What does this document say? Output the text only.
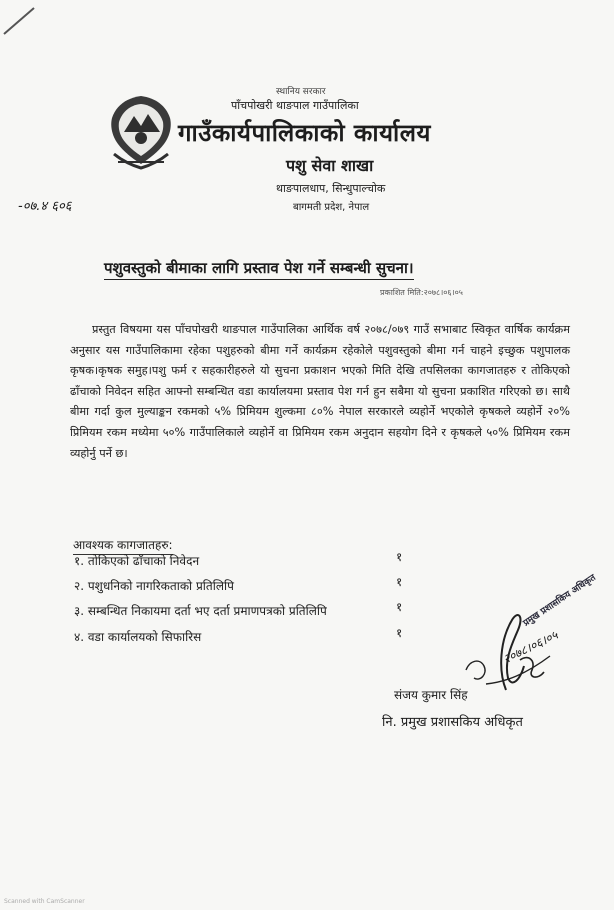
स्थानिय सरकार
पाँचपोखरी थाङपाल गाउँपालिका
गाउँकार्यपालिकाको कार्यालय
पशु सेवा शाखा
थाङपालधाप, सिन्धुपाल्चोक
बागमती प्रदेश, नेपाल
-०७.४ ६०६
पशुवस्तुको बीमाका लागि प्रस्ताव पेश गर्ने सम्बन्धी सुचना।
प्रकाशित मिति:२०७८।०६।०५

प्रस्तुत विषयमा यस पाँचपोखरी थाङपाल गाउँपालिका आर्थिक वर्ष २०७८/०७९ गाउँ सभाबाट स्विकृत वार्षिक कार्यक्रम अनुसार यस गाउँपालिकामा रहेका पशुहरुको बीमा गर्ने कार्यक्रम रहेकोले पशुवस्तुको बीमा गर्न चाहने इच्छुक पशुपालक कृषक।कृषक समुह।पशु फर्म र सहकारीहरुले यो सुचना प्रकाशन भएको मिति देखि तपसिलका कागजातहरु र तोकिएको ढाँचाको निवेदन सहित आफ्नो सम्बन्धित वडा कार्यालयमा प्रस्ताव पेश गर्न हुन सबैमा यो सुचना प्रकाशित गरिएको छ। साथै बीमा गर्दा कुल मुल्याङ्कन रकमको ५% प्रिमियम शुल्कमा ८०% नेपाल सरकारले व्यहोर्ने भएकोले कृषकले व्यहोर्ने २०% प्रिमियम रकम मध्येमा ५०% गाउँपालिकाले व्यहोर्ने वा प्रिमियम रकम अनुदान सहयोग दिने र कृषकले ५०% प्रिमियम रकम व्यहोर्नु पर्ने छ।

आवश्यक कागजातहरु:
१. तोकिएको ढाँचाको निवेदन	१
२. पशुधनिको नागरिकताको प्रतिलिपि	१
३. सम्बन्धित निकायमा दर्ता भए दर्ता प्रमाणपत्रको प्रतिलिपि	१
४. वडा कार्यालयको सिफारिस	१
प्रमुख प्रशासकिय अधिकृत
२०७८।०६।०५
संजय कुमार सिंह
नि. प्रमुख प्रशासकिय अधिकृत
Scanned with CamScanner
